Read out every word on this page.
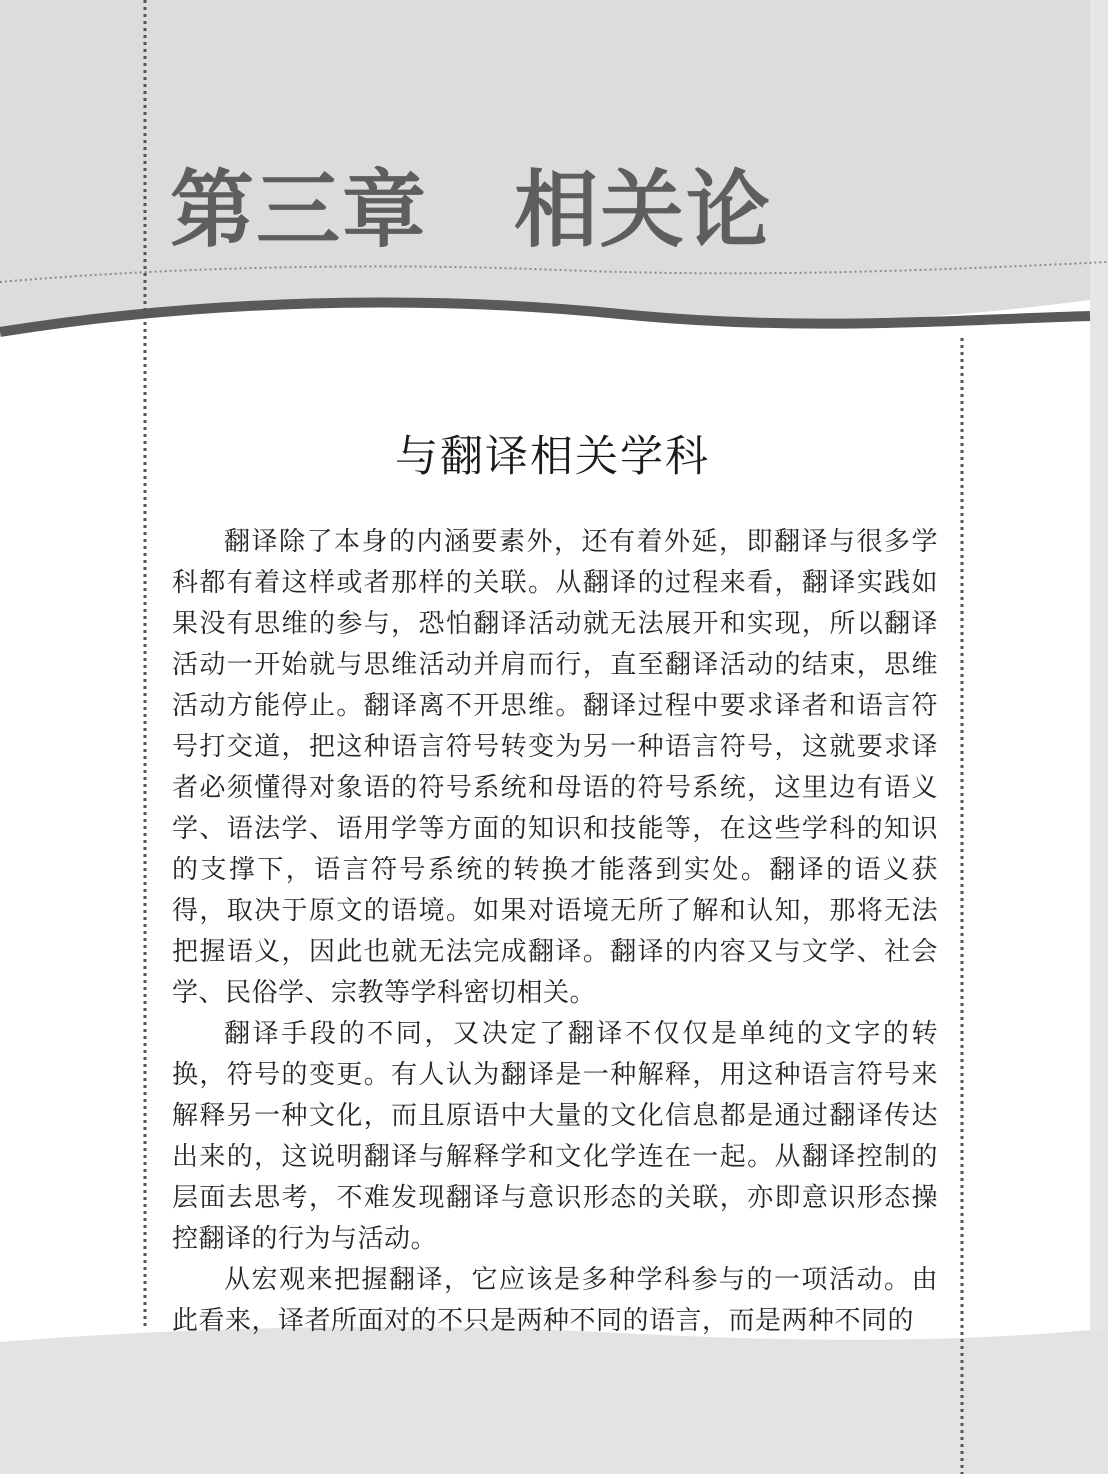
第三章　相关论
与翻译相关学科

翻译除了本身的内涵要素外，还有着外延，即翻译与很多学科都有着这样或者那样的关联。从翻译的过程来看，翻译实践如果没有思维的参与，恐怕翻译活动就无法展开和实现，所以翻译活动一开始就与思维活动并肩而行，直至翻译活动的结束，思维活动方能停止。翻译离不开思维。翻译过程中要求译者和语言符号打交道，把这种语言符号转变为另一种语言符号，这就要求译者必须懂得对象语的符号系统和母语的符号系统，这里边有语义学、语法学、语用学等方面的知识和技能等，在这些学科的知识的支撑下，语言符号系统的转换才能落到实处。翻译的语义获得，取决于原文的语境。如果对语境无所了解和认知，那将无法把握语义，因此也就无法完成翻译。翻译的内容又与文学、社会学、民俗学、宗教等学科密切相关。

翻译手段的不同，又决定了翻译不仅仅是单纯的文字的转换，符号的变更。有人认为翻译是一种解释，用这种语言符号来解释另一种文化，而且原语中大量的文化信息都是通过翻译传达出来的，这说明翻译与解释学和文化学连在一起。从翻译控制的层面去思考，不难发现翻译与意识形态的关联，亦即意识形态操控翻译的行为与活动。

从宏观来把握翻译，它应该是多种学科参与的一项活动。由此看来，译者所面对的不只是两种不同的语言，而是两种不同的
